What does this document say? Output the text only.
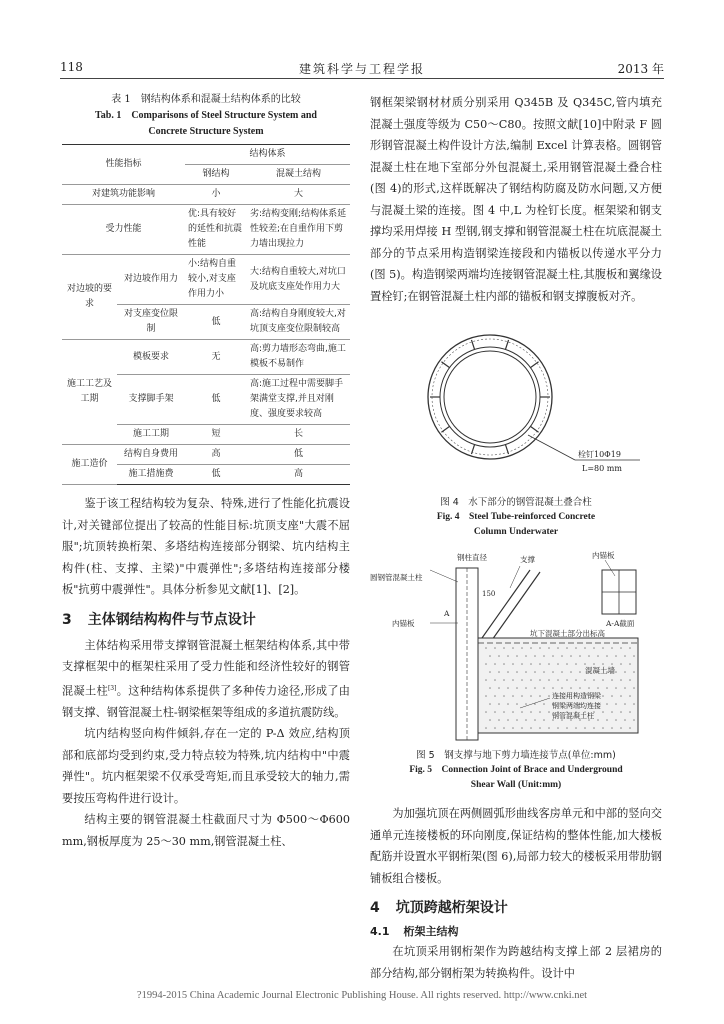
118	建筑科学与工程学报	2013 年
表 1　钢结构体系和混凝土结构体系的比较
Tab. 1　Comparisons of Steel Structure System and
Concrete Structure System
性能指标		结构体系	
		钢结构	混凝土结构
对建筑功能影响		小	大
受力性能		优:具有较好的延性和抗震性能	劣:结构变刚;结构体系延性较差;在自重作用下剪力墙出现拉力
对边坡的要求	对边坡作用力	小:结构自重较小,对支座作用力小	大:结构自重较大,对坑口及坑底支座处作用力大
	对支座变位限制	低	高:结构自身刚度较大,对坑顶支座变位限制较高
施工工艺及工期	模板要求	无	高:剪力墙形态弯曲,施工模板不易制作
	支撑脚手架	低	高:施工过程中需要脚手架满堂支撑,并且对刚度、强度要求较高
	施工工期	短	长
施工造价	结构自身费用	高	低
	施工措施费	低	高

鉴于该工程结构较为复杂、特殊,进行了性能化抗震设计,对关键部位提出了较高的性能目标:坑顶支座"大震不屈服";坑顶转换桁架、多塔结构连接部分钢梁、坑内结构主构件(柱、支撑、主梁)"中震弹性";多塔结构连接部分楼板"抗剪中震弹性"。具体分析参见文献[1]、[2]。

3 主体钢结构构件与节点设计

主体结构采用带支撑钢管混凝土框架结构体系,其中带支撑框架中的框架柱采用了受力性能和经济性较好的钢管混凝土柱[3]。这种结构体系提供了多种传力途径,形成了由钢支撑、钢管混凝土柱-钢梁框架等组成的多道抗震防线。

坑内结构竖向构件倾斜,存在一定的 P-Δ 效应,结构顶部和底部均受到约束,受力特点较为特殊,坑内结构中"中震弹性"。坑内框架梁不仅承受弯矩,而且承受较大的轴力,需要按压弯构件进行设计。

结构主要的钢管混凝土柱截面尺寸为 Φ500～Φ600 mm,钢板厚度为 25～30 mm,钢管混凝土柱、

钢框架梁钢材材质分别采用 Q345B 及 Q345C,管内填充混凝土强度等级为 C50～C80。按照文献[10]中附录 F 圆形钢管混凝土构件设计方法,编制 Excel 计算表格。圆钢管混凝土柱在地下室部分外包混凝土,采用钢管混凝土叠合柱(图 4)的形式,这样既解决了钢结构防腐及防水问题,又方便与混凝土梁的连接。图 4 中,L 为栓钉长度。框架梁和钢支撑均采用焊接 H 型钢,钢支撑和钢管混凝土柱在坑底混凝土部分的节点采用构造钢梁连接段和内锚板以传递水平分力(图 5)。构造钢梁两端均连接钢管混凝土柱,其腹板和翼缘设置栓钉;在钢管混凝土柱内部的锚板和钢支撑腹板对齐。

栓钉10Φ19
L=80 mm
图 4　水下部分的钢管混凝土叠合柱
Fig. 4　Steel Tube-reinforced Concrete
Column Underwater
钢柱直径	支撑	内锚板
圆钢管混凝土柱
内锚板	A-A截面
坑下混凝土部分出标高
混凝土墙
连接用构造钢梁
钢梁两端均连接
钢管混凝土柱
150
A
图 5　钢支撑与地下剪力墙连接节点(单位:mm)
Fig. 5　Connection Joint of Brace and Underground
Shear Wall (Unit:mm)

为加强坑顶在两侧圆弧形曲线客房单元和中部的竖向交通单元连接楼板的环向刚度,保证结构的整体性能,加大楼板配筋并设置水平钢桁架(图 6),局部力较大的楼板采用带肋钢铺板组合楼板。

4 坑顶跨越桁架设计
4.1 桁架主结构

在坑顶采用钢桁架作为跨越结构支撑上部 2 层裙房的部分结构,部分钢桁架为转换构件。设计中

?1994-2015 China Academic Journal Electronic Publishing House. All rights reserved. http://www.cnki.net
